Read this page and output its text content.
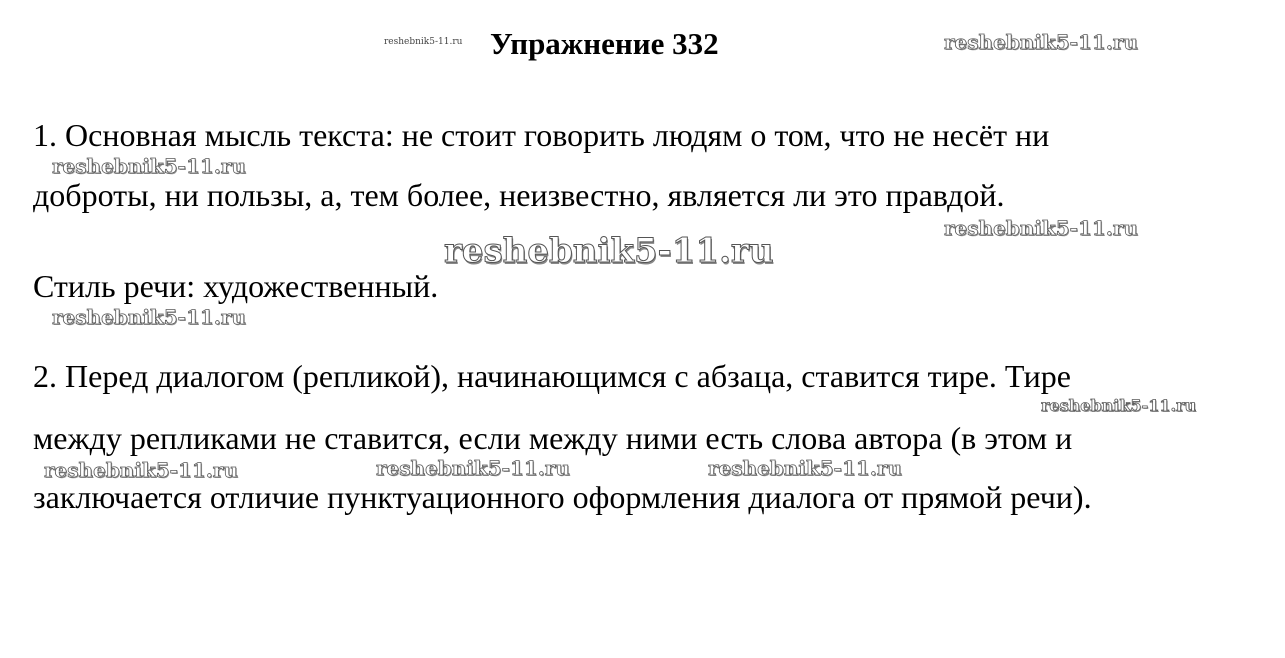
reshebnik5-11.ru Упражнение 332	reshebnik5-11.ru
1. Основная мысль текста: не стоит говорить людям о том, что не несёт ни
reshebnik5-11.ru
доброты, ни пользы, а, тем более, неизвестно, является ли это правдой.
reshebnik5-11.ru
reshebnik5-11.ru
Стиль речи: художественный.
reshebnik5-11.ru
2. Перед диалогом (репликой), начинающимся с абзаца, ставится тире. Тире
reshebnik5-11.ru
между репликами не ставится, если между ними есть слова автора (в этом и
reshebnik5-11.ru	reshebnik5-11.ru	reshebnik5-11.ru
заключается отличие пунктуационного оформления диалога от прямой речи).
